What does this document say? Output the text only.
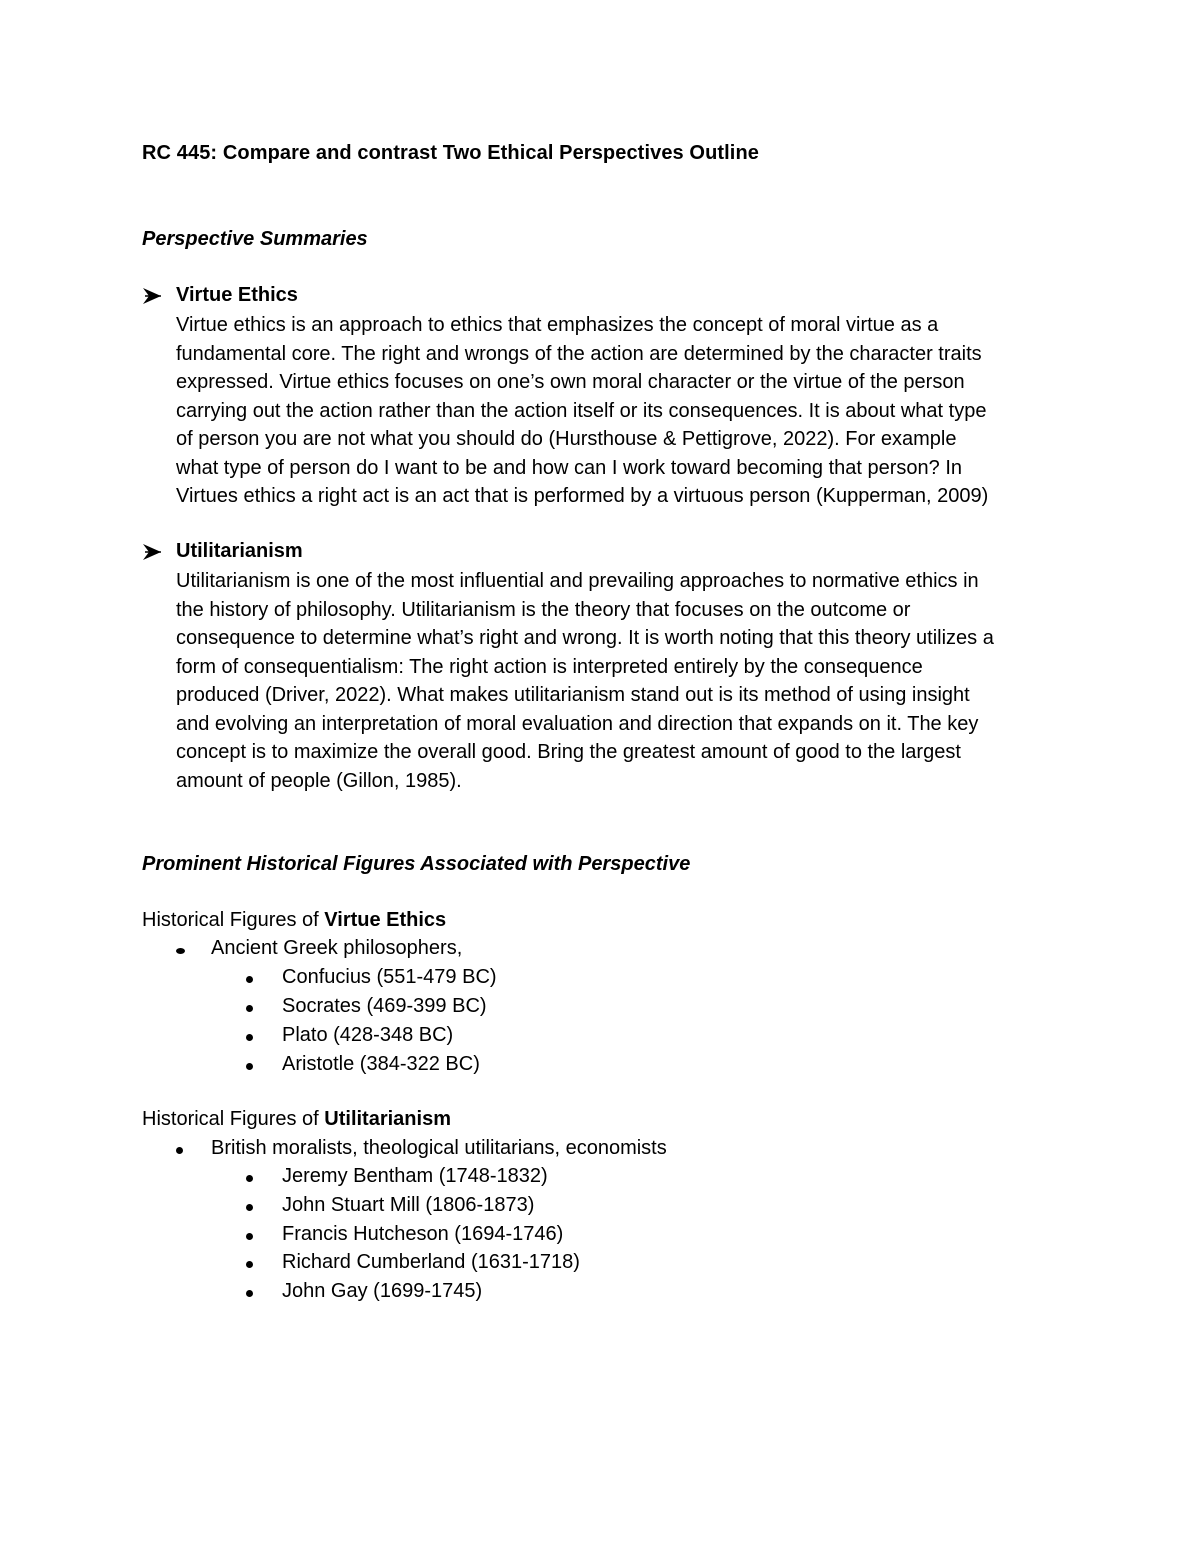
RC 445: Compare and contrast Two Ethical Perspectives Outline
Perspective Summaries
Virtue Ethics
Virtue ethics is an approach to ethics that emphasizes the concept of moral virtue as a
fundamental core. The right and wrongs of the action are determined by the character traits
expressed. Virtue ethics focuses on one’s own moral character or the virtue of the person
carrying out the action rather than the action itself or its consequences. It is about what type
of person you are not what you should do (Hursthouse & Pettigrove, 2022). For example
what type of person do I want to be and how can I work toward becoming that person? In
Virtues ethics a right act is an act that is performed by a virtuous person (Kupperman, 2009)
Utilitarianism
Utilitarianism is one of the most influential and prevailing approaches to normative ethics in
the history of philosophy. Utilitarianism is the theory that focuses on the outcome or
consequence to determine what’s right and wrong. It is worth noting that this theory utilizes a
form of consequentialism: The right action is interpreted entirely by the consequence
produced (Driver, 2022). What makes utilitarianism stand out is its method of using insight
and evolving an interpretation of moral evaluation and direction that expands on it. The key
concept is to maximize the overall good. Bring the greatest amount of good to the largest
amount of people (Gillon, 1985).
Prominent Historical Figures Associated with Perspective
Historical Figures of Virtue Ethics
Ancient Greek philosophers,
Confucius (551-479 BC)
Socrates (469-399 BC)
Plato (428-348 BC)
Aristotle (384-322 BC)
Historical Figures of Utilitarianism
British moralists, theological utilitarians, economists
Jeremy Bentham (1748-1832)
John Stuart Mill (1806-1873)
Francis Hutcheson (1694-1746)
Richard Cumberland (1631-1718)
John Gay (1699-1745)
